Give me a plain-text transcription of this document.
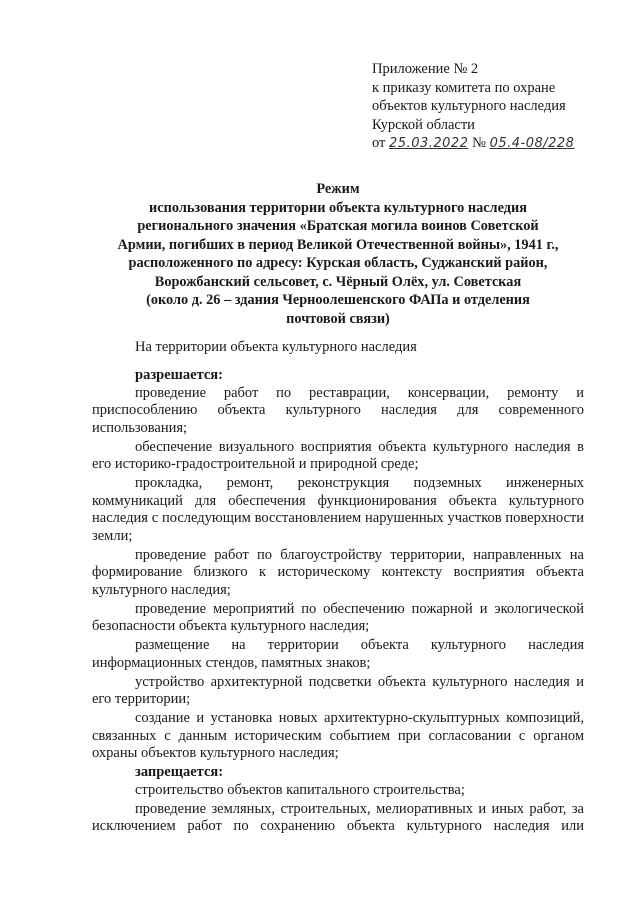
Приложение № 2
к приказу комитета по охране
объектов культурного наследия
Курской области
от 25.03.2022 № 05.4-08/228
Режим
использования территории объекта культурного наследия
регионального значения «Братская могила воинов Советской
Армии, погибших в период Великой Отечественной войны», 1941 г.,
расположенного по адресу: Курская область, Суджанский район,
Ворожбанский сельсовет, с. Чёрный Олёх, ул. Советская
(около д. 26 – здания Черноолешенского ФАПа и отделения
почтовой связи)
На территории объекта культурного наследия
разрешается:

проведение работ по реставрации, консервации, ремонту и приспособлению объекта культурного наследия для современного использования;

обеспечение визуального восприятия объекта культурного наследия в его историко-градостроительной и природной среде;

прокладка, ремонт, реконструкция подземных инженерных коммуникаций для обеспечения функционирования объекта культурного наследия с последующим восстановлением нарушенных участков поверхности земли;

проведение работ по благоустройству территории, направленных на формирование близкого к историческому контексту восприятия объекта культурного наследия;

проведение мероприятий по обеспечению пожарной и экологической безопасности объекта культурного наследия;

размещение на территории объекта культурного наследия информационных стендов, памятных знаков;

устройство архитектурной подсветки объекта культурного наследия и его территории;

создание и установка новых архитектурно-скульптурных композиций, связанных с данным историческим событием при согласовании с органом охраны объектов культурного наследия;

запрещается:

строительство объектов капитального строительства;

проведение земляных, строительных, мелиоративных и иных работ, за исключением работ по сохранению объекта культурного наследия или
